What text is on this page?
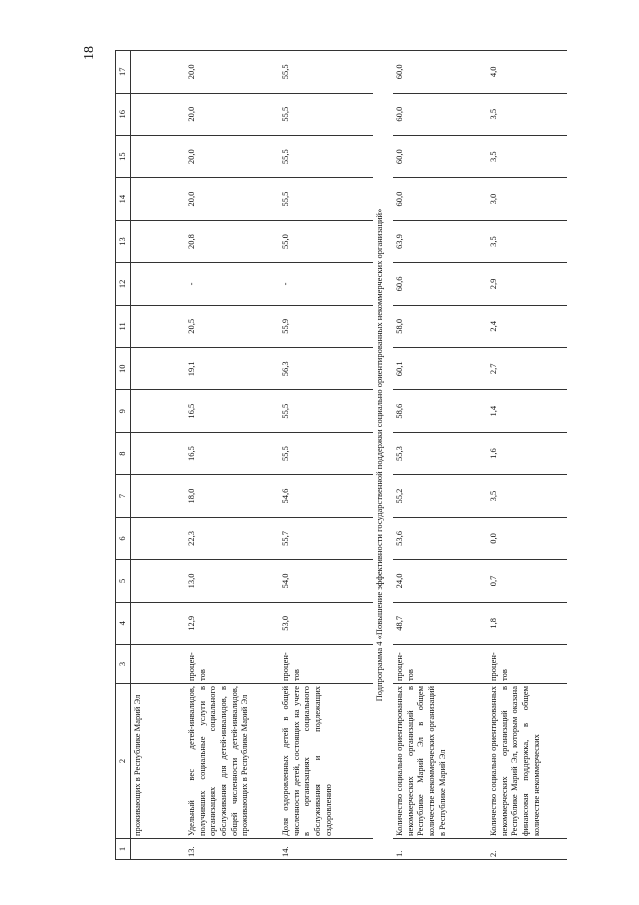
18
1	2	3	4	5	6	7	8	9	10	11	12	13	14	15	16	17
	проживающих в Республике Марий Эл															
13.	Удельный вес детей-инвалидов, получивших социальные услуги в организациях социального обслуживания для детей-инвалидов, в общей численности детей-инвалидов, проживающих в Республике Марий Эл	процен-тов	12,9	13,0	22,3	18,0	16,5	16,5	19,1	20,5	-	20,8	20,0	20,0	20,0	20,0
14.	Доля оздоровленных детей в общей численности детей, состоящих на учете в организациях социального обслуживания и подлежащих оздоровлению	процен-тов	53,0	54,0	55,7	54,6	55,5	55,5	56,3	55,9	-	55,0	55,5	55,5	55,5	55,5
Подпрограмма 4 «Повышение эффективности государственной поддержки социально ориентированных некоммерческих организаций»																
1.	Количество социально ориентированных некоммерческих организаций в Республике Марий Эл в общем количестве некоммерческих организаций в Республике Марий Эл	процен-тов	48,7	24,0	53,6	55,2	55,3	58,6	60,1	58,0	60,6	63,9	60,0	60,0	60,0	60,0
2.	Количество социально ориентированных некоммерческих организаций в Республике Марий Эл, которым оказана финансовая поддержка, в общем количестве некоммерческих	процен-тов	1,8	0,7	0,0	3,5	1,6	1,4	2,7	2,4	2,9	3,5	3,0	3,5	3,5	4,0
